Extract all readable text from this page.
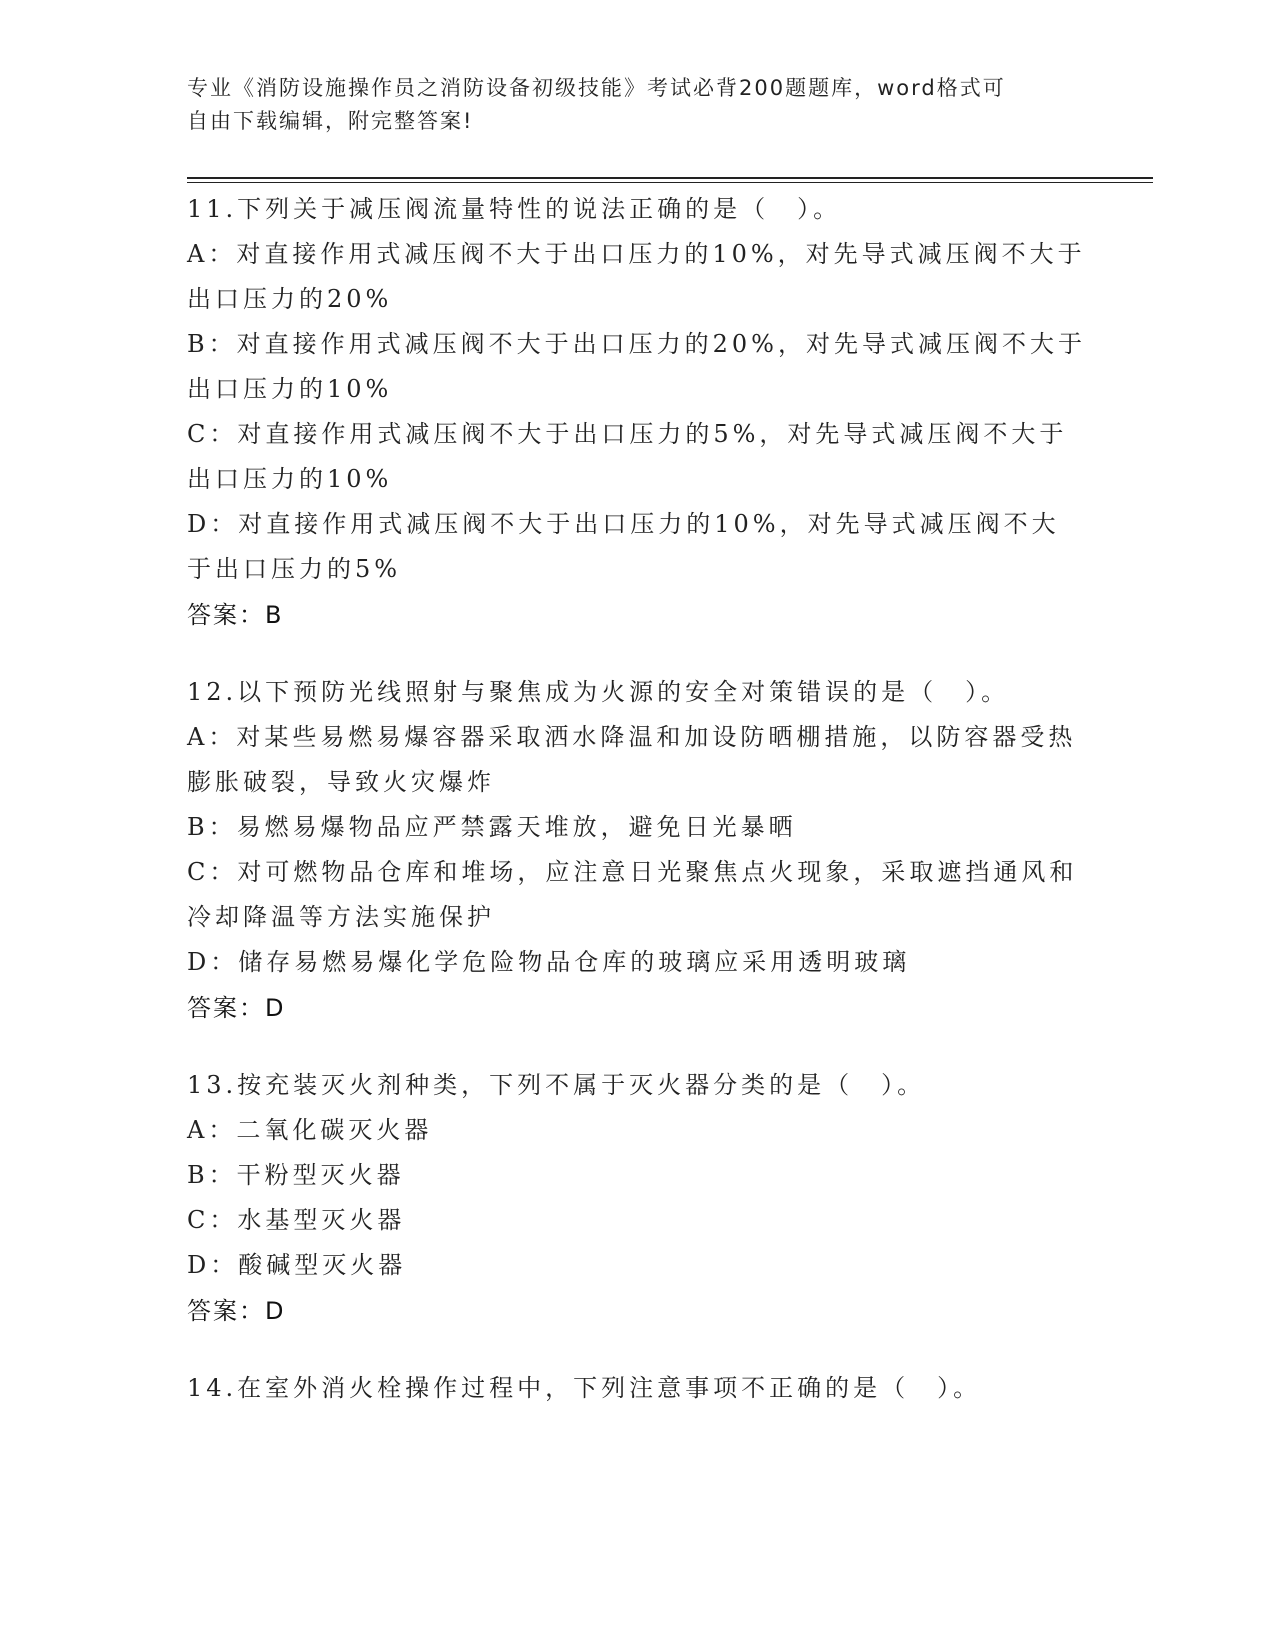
专业《消防设施操作员之消防设备初级技能》考试必背200题题库，word格式可
自由下载编辑，附完整答案!
11.下列关于减压阀流量特性的说法正确的是（　）。
A：对直接作用式减压阀不大于出口压力的10%，对先导式减压阀不大于出口压力的20%
B：对直接作用式减压阀不大于出口压力的20%，对先导式减压阀不大于出口压力的10%
C：对直接作用式减压阀不大于出口压力的5%，对先导式减压阀不大于出口压力的10%
D：对直接作用式减压阀不大于出口压力的10%，对先导式减压阀不大于出口压力的5%
答案：B
12.以下预防光线照射与聚焦成为火源的安全对策错误的是（　）。
A：对某些易燃易爆容器采取洒水降温和加设防晒棚措施，以防容器受热膨胀破裂，导致火灾爆炸
B：易燃易爆物品应严禁露天堆放，避免日光暴晒
C：对可燃物品仓库和堆场，应注意日光聚焦点火现象，采取遮挡通风和冷却降温等方法实施保护
D：储存易燃易爆化学危险物品仓库的玻璃应采用透明玻璃
答案：D
13.按充装灭火剂种类，下列不属于灭火器分类的是（　）。
A：二氧化碳灭火器
B：干粉型灭火器
C：水基型灭火器
D：酸碱型灭火器
答案：D
14.在室外消火栓操作过程中，下列注意事项不正确的是（　）。
